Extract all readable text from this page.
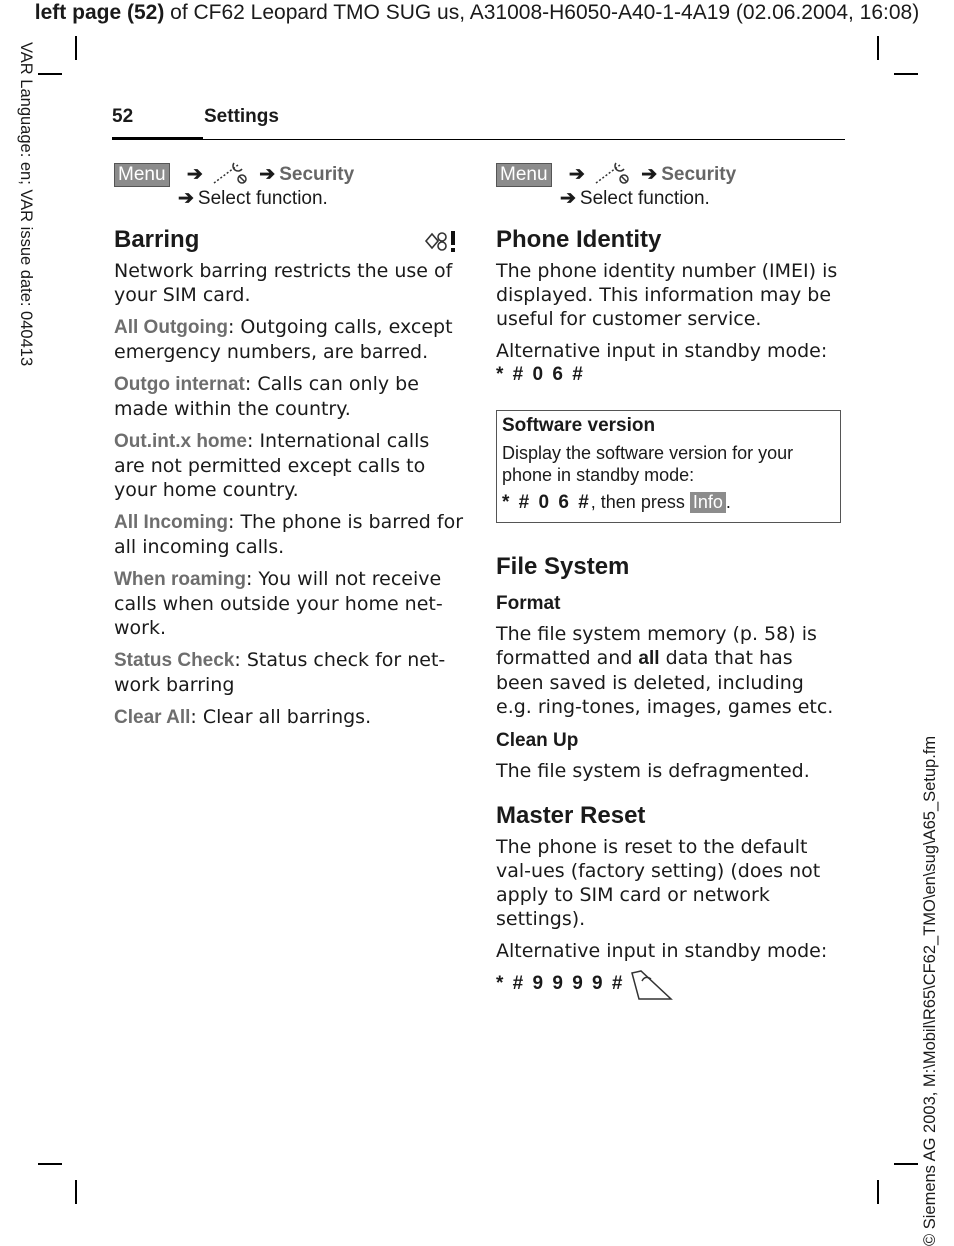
left page (52) of CF62 Leopard TMO SUG us, A31008-H6050-A40-1-4A19 (02.06.2004, 16:08)
VAR Language: en; VAR issue date: 040413
© Siemens AG 2003, M:\Mobil\R65\CF62_TMO\en\sug\A65_Setup.fm
52	Settings
Menu ➔	➔ Security
➔ Select function.
Barring

Network barring restricts the use of your SIM card.

All Outgoing: Outgoing calls, except emergency numbers, are barred.

Outgo internat: Calls can only be made within the country.

Out.int.x home: International calls are not permitted except calls to your home country.

All Incoming: The phone is barred for all incoming calls.

When roaming: You will not receive calls when outside your home net-work.

Status Check: Status check for net-work barring

Clear All: Clear all barrings.

Menu ➔	➔ Security
➔ Select function.
Phone Identity

The phone identity number (IMEI) is displayed. This information may be useful for customer service.

Alternative input in standby mode:

* # 0 6 #
Software version
Display the software version for your phone in standby mode:
* # 0 6 #, then press Info .
File System
Format

The file system memory (p. 58) is formatted and all data that has been saved is deleted, including e.g. ring-tones, images, games etc.

Clean Up

The file system is defragmented.

Master Reset

The phone is reset to the default val-ues (factory setting) (does not apply to SIM card or network settings).

Alternative input in standby mode:

* # 9 9 9 9 #
